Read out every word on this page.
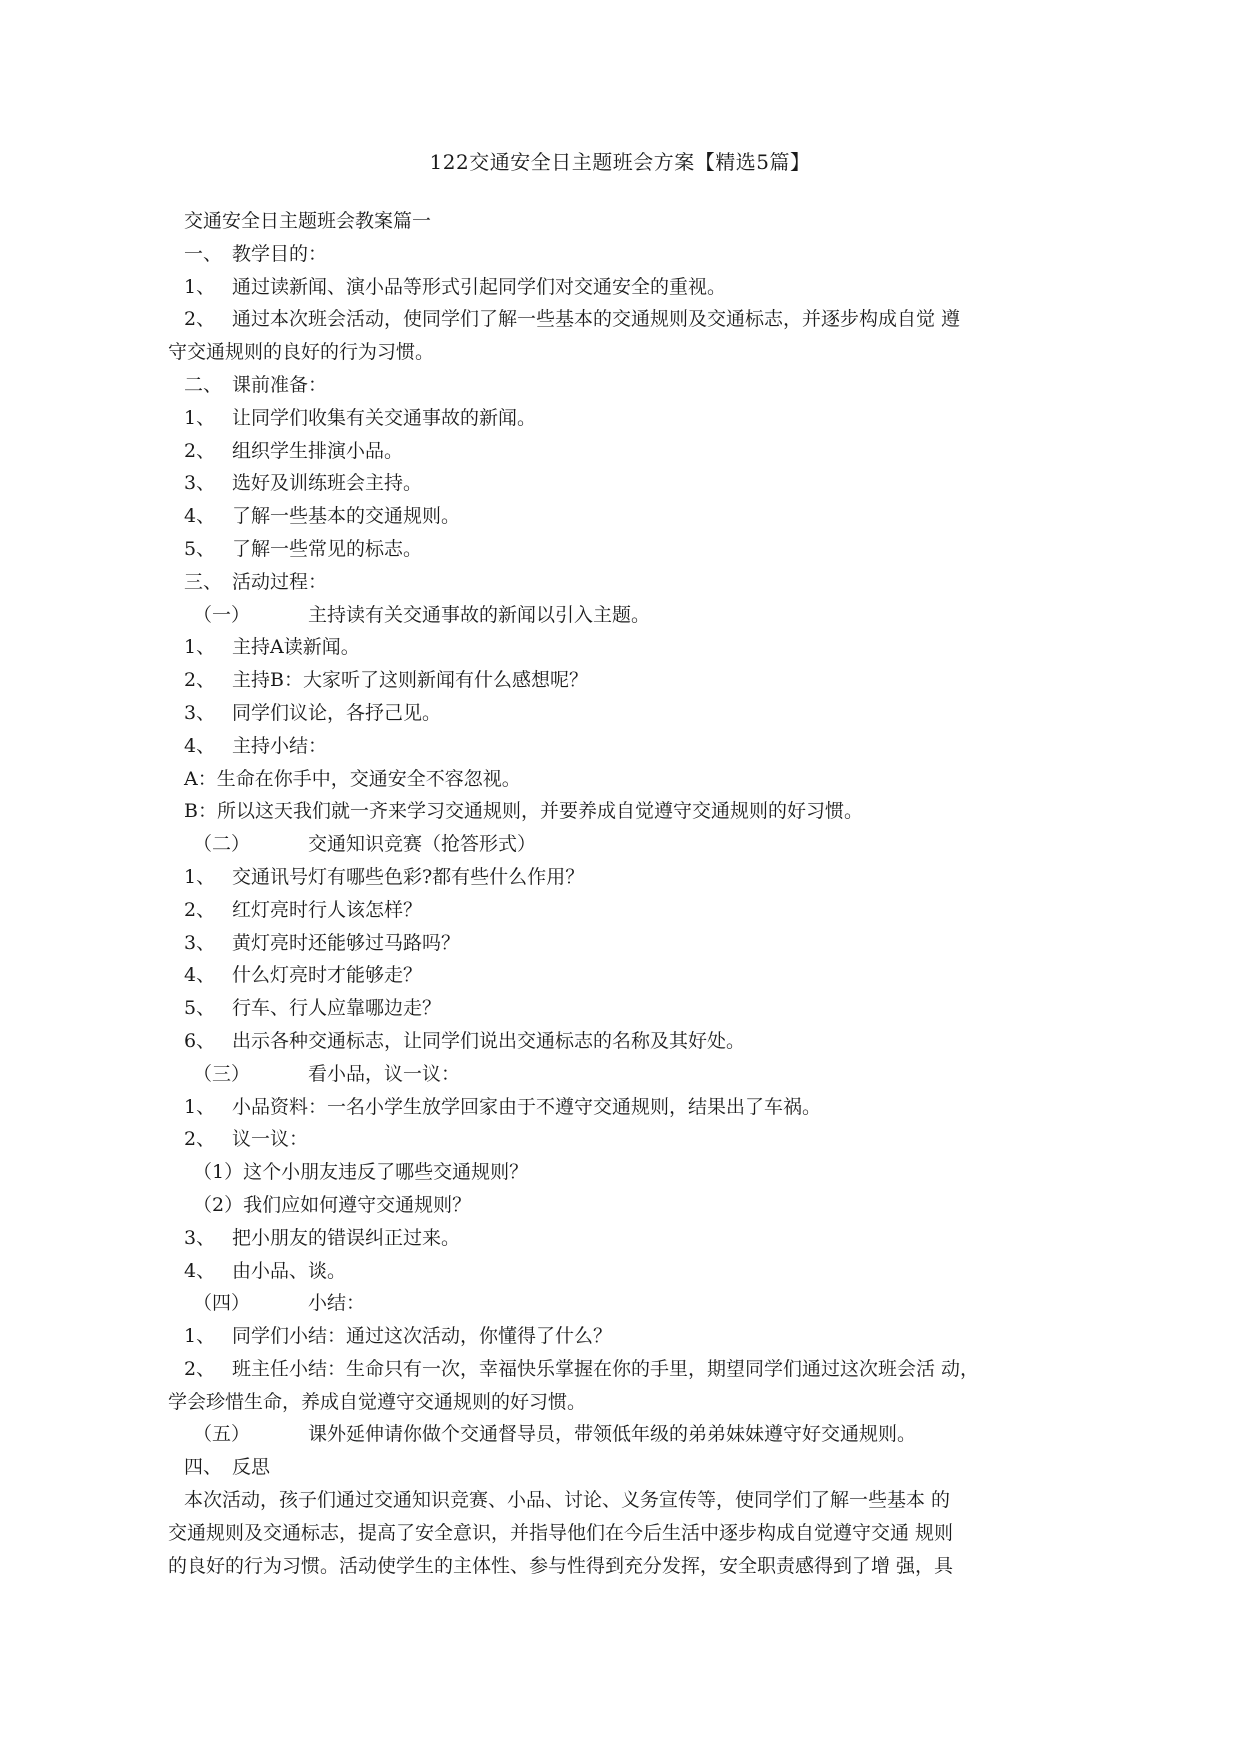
122交通安全日主题班会方案【精选5篇】
交通安全日主题班会教案篇一
一、 教学目的：
1、 通过读新闻、演小品等形式引起同学们对交通安全的重视。
2、 通过本次班会活动，使同学们了解一些基本的交通规则及交通标志，并逐步构成自觉 遵
守交通规则的良好的行为习惯。
二、 课前准备：
1、 让同学们收集有关交通事故的新闻。
2、 组织学生排演小品。
3、 选好及训练班会主持。
4、 了解一些基本的交通规则。
5、 了解一些常见的标志。
三、 活动过程：
（一）	主持读有关交通事故的新闻以引入主题。
1、 主持A读新闻。
2、 主持B：大家听了这则新闻有什么感想呢？
3、 同学们议论，各抒己见。
4、 主持小结：
A：生命在你手中，交通安全不容忽视。
B：所以这天我们就一齐来学习交通规则，并要养成自觉遵守交通规则的好习惯。
（二）	交通知识竞赛（抢答形式）
1、 交通讯号灯有哪些色彩?都有些什么作用？
2、 红灯亮时行人该怎样？
3、 黄灯亮时还能够过马路吗？
4、 什么灯亮时才能够走？
5、 行车、行人应靠哪边走？
6、 出示各种交通标志，让同学们说出交通标志的名称及其好处。
（三）	看小品，议一议：
1、 小品资料：一名小学生放学回家由于不遵守交通规则，结果出了车祸。
2、 议一议：
（1）这个小朋友违反了哪些交通规则？
（2）我们应如何遵守交通规则？
3、 把小朋友的错误纠正过来。
4、 由小品、谈。
（四）	小结：
1、 同学们小结：通过这次活动，你懂得了什么？
2、 班主任小结：生命只有一次，幸福快乐掌握在你的手里，期望同学们通过这次班会活 动，
学会珍惜生命，养成自觉遵守交通规则的好习惯。
（五）	课外延伸请你做个交通督导员，带领低年级的弟弟妹妹遵守好交通规则。
四、 反思
本次活动，孩子们通过交通知识竞赛、小品、讨论、义务宣传等，使同学们了解一些基本 的
交通规则及交通标志，提高了安全意识，并指导他们在今后生活中逐步构成自觉遵守交通 规则
的良好的行为习惯。活动使学生的主体性、参与性得到充分发挥，安全职责感得到了增 强，具
